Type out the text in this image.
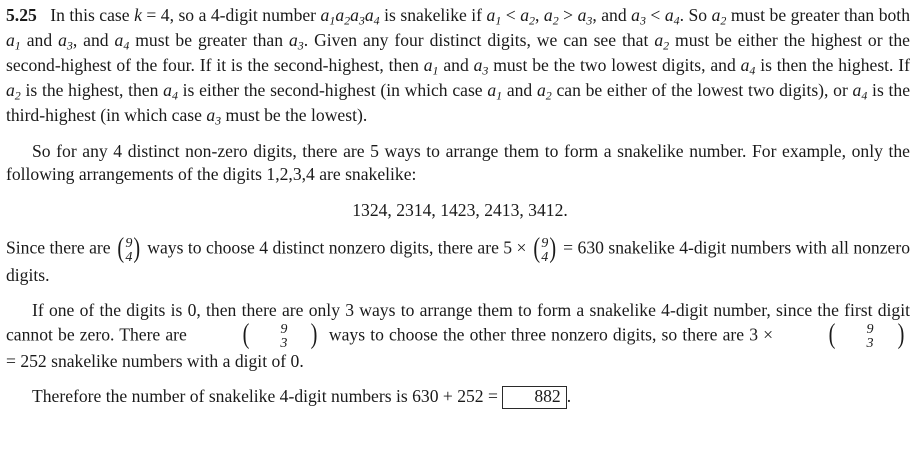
5.25 In this case k = 4, so a 4-digit number $a_1a_2a_3a_4$ is snakelike if $a_1 < a_2$, $a_2 > a_3$, and $a_3 < a_4$. So $a_2$ must be greater than both $a_1$ and $a_3$, and $a_4$ must be greater than $a_3$. Given any four distinct digits, we can see that $a_2$ must be either the highest or the second-highest of the four. If it is the second-highest, then $a_1$ and $a_3$ must be the two lowest digits, and $a_4$ is then the highest. If $a_2$ is the highest, then $a_4$ is either the second-highest (in which case $a_1$ and $a_2$ can be either of the lowest two digits), or $a_4$ is the third-highest (in which case $a_3$ must be the lowest).

So for any 4 distinct non-zero digits, there are 5 ways to arrange them to form a snakelike number. For example, only the following arrangements of the digits 1,2,3,4 are snakelike:

1324, 2314, 1423, 2413, 3412.

Since there are ( 9
4 ) ways to choose 4 distinct nonzero digits, there are 5 × ( 9
4 ) = 630 snakelike 4-digit numbers with all nonzero digits.

If one of the digits is 0, then there are only 3 ways to arrange them to form a snakelike 4-digit number, since the first digit cannot be zero. There are (	9
3 ) ways to choose the other three nonzero digits, so there are 3 × (	9
3 ) = 252 snakelike numbers with a digit of 0.

Therefore the number of snakelike 4-digit numbers is 630 + 252 = 882 .
